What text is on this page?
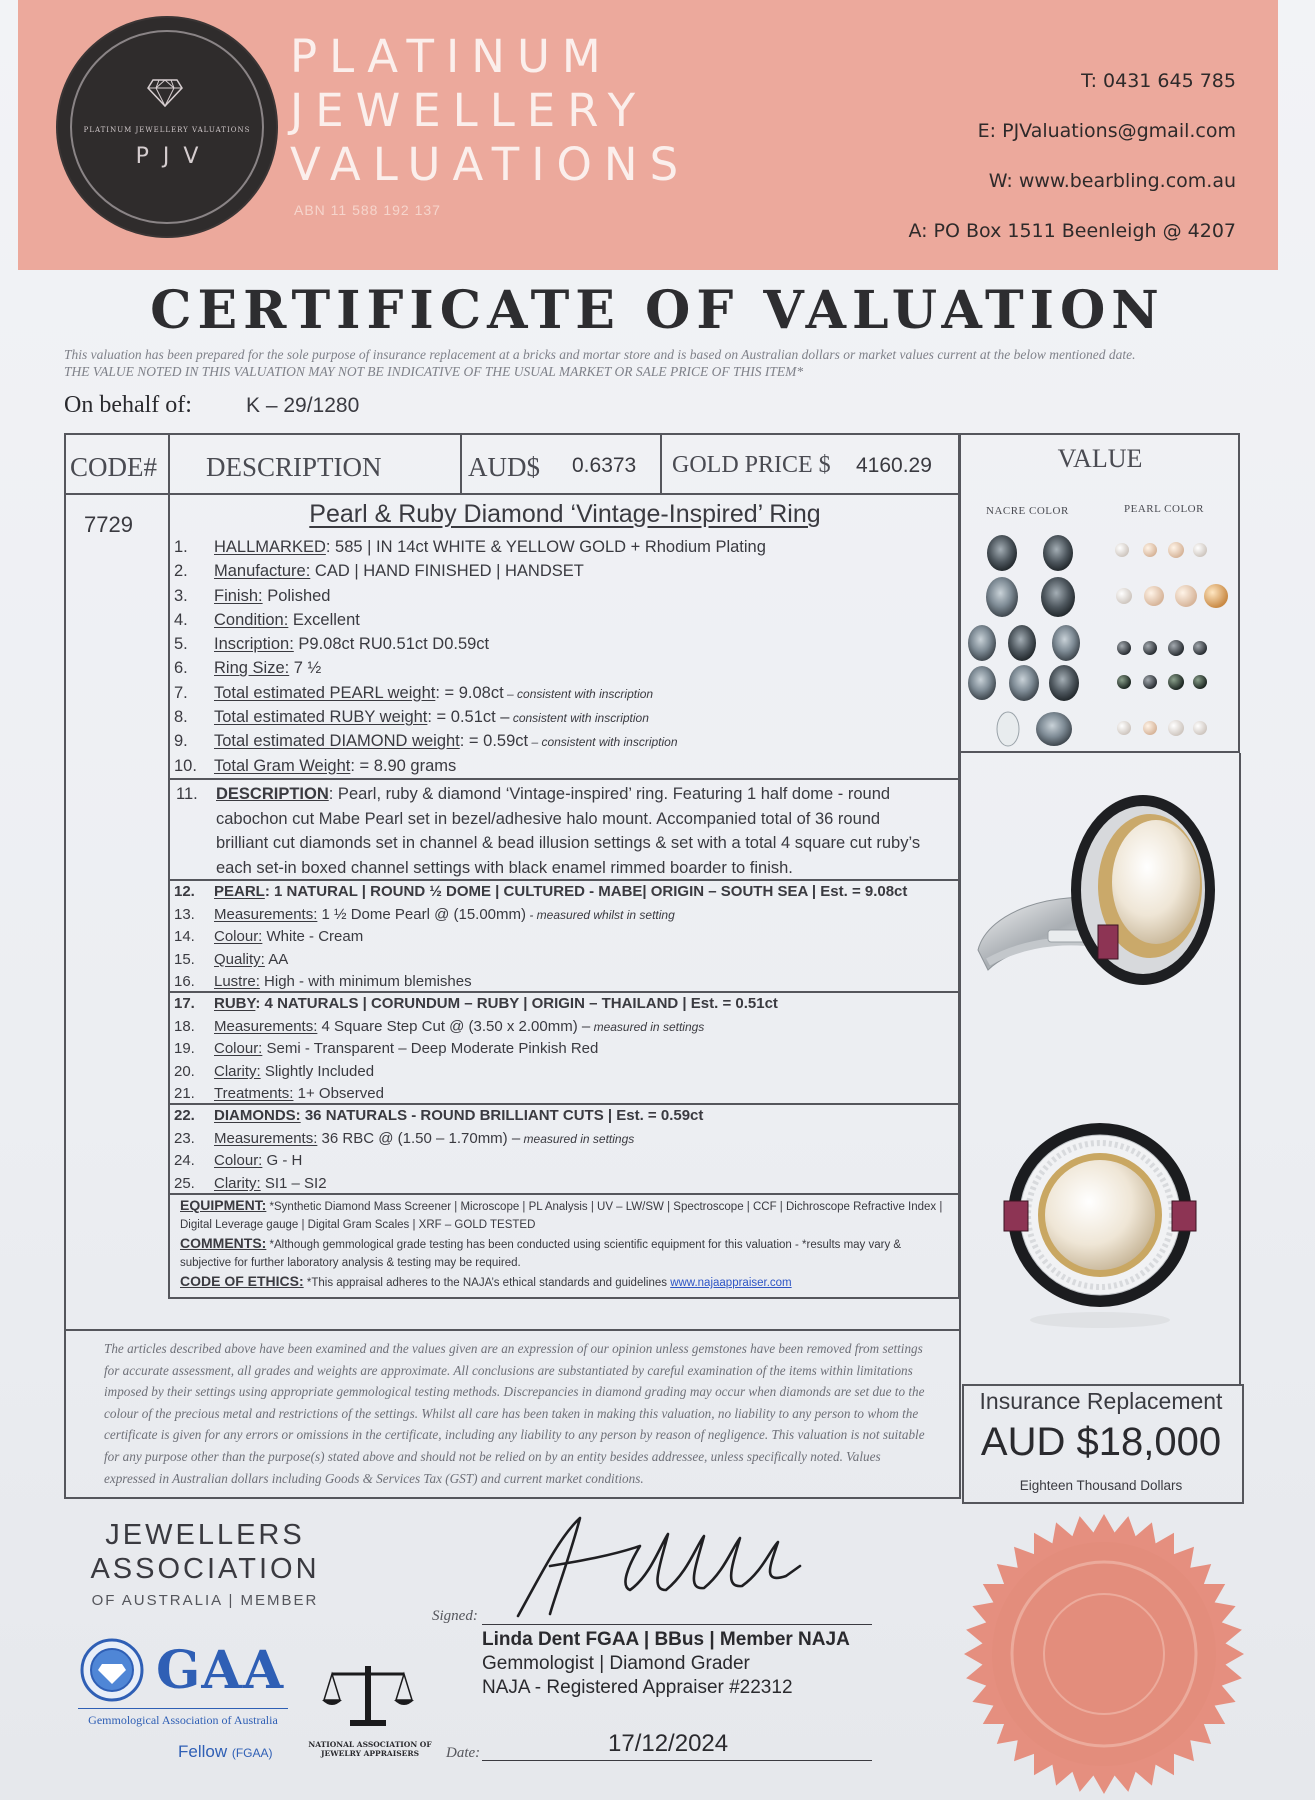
PLATINUM JEWELLERY VALUATIONS
PJV
PLATINUM
JEWELLERY
VALUATIONS
ABN 11 588 192 137
T: 0431 645 785
E: PJValuations@gmail.com
W: www.bearbling.com.au
A: PO Box 1511 Beenleigh @ 4207
CERTIFICATE OF VALUATION
This valuation has been prepared for the sole purpose of insurance replacement at a bricks and mortar store and is based on Australian dollars or market values current at the below mentioned date.
THE VALUE NOTED IN THIS VALUATION MAY NOT BE INDICATIVE OF THE USUAL MARKET OR SALE PRICE OF THIS ITEM*
On behalf of:	K – 29/1280
CODE# DESCRIPTION	AUD$ 0.6373 GOLD PRICE $ 4160.29	VALUE
7729	Pearl & Ruby Diamond ‘Vintage-Inspired’ Ring
1. HALLMARKED: 585 | IN 14ct WHITE & YELLOW GOLD + Rhodium Plating
2. Manufacture: CAD | HAND FINISHED | HANDSET
3. Finish: Polished
4. Condition: Excellent
5. Inscription: P9.08ct RU0.51ct D0.59ct
6. Ring Size: 7 ½
7. Total estimated PEARL weight: = 9.08ct – consistent with inscription
8. Total estimated RUBY weight: = 0.51ct – consistent with inscription
9. Total estimated DIAMOND weight: = 0.59ct – consistent with inscription
10. Total Gram Weight: = 8.90 grams
11.	DESCRIPTION: Pearl, ruby & diamond ‘Vintage-inspired’ ring. Featuring 1 half dome - round cabochon cut Mabe Pearl set in bezel/adhesive halo mount. Accompanied total of 36 round brilliant cut diamonds set in channel & bead illusion settings & set with a total 4 square cut ruby’s each set-in boxed channel settings with black enamel rimmed boarder to finish.
12. PEARL: 1 NATURAL | ROUND ½ DOME | CULTURED - MABE| ORIGIN – SOUTH SEA | Est. = 9.08ct
13. Measurements: 1 ½ Dome Pearl @ (15.00mm) - measured whilst in setting
14. Colour: White - Cream
15. Quality: AA
16. Lustre: High - with minimum blemishes
17. RUBY: 4 NATURALS | CORUNDUM – RUBY | ORIGIN – THAILAND | Est. = 0.51ct
18. Measurements: 4 Square Step Cut @ (3.50 x 2.00mm) – measured in settings
19. Colour: Semi - Transparent – Deep Moderate Pinkish Red
20. Clarity: Slightly Included
21. Treatments: 1+ Observed
22. DIAMONDS: 36 NATURALS - ROUND BRILLIANT CUTS | Est. = 0.59ct
23. Measurements: 36 RBC @ (1.50 – 1.70mm) – measured in settings
24. Colour: G - H
25. Clarity: SI1 – SI2
EQUIPMENT: *Synthetic Diamond Mass Screener | Microscope | PL Analysis | UV – LW/SW | Spectroscope | CCF | Dichroscope Refractive Index | Digital Leverage gauge | Digital Gram Scales | XRF – GOLD TESTED
COMMENTS: *Although gemmological grade testing has been conducted using scientific equipment for this valuation - *results may vary & subjective for further laboratory analysis & testing may be required.
CODE OF ETHICS: *This appraisal adheres to the NAJA’s ethical standards and guidelines www.najaappraiser.com
The articles described above have been examined and the values given are an expression of our opinion unless gemstones have been removed from settings for accurate assessment, all grades and weights are approximate. All conclusions are substantiated by careful examination of the items within limitations imposed by their settings using appropriate gemmological testing methods. Discrepancies in diamond grading may occur when diamonds are set due to the colour of the precious metal and restrictions of the settings. Whilst all care has been taken in making this valuation, no liability to any person to whom the certificate is given for any errors or omissions in the certificate, including any liability to any person by reason of negligence. This valuation is not suitable for any purpose other than the purpose(s) stated above and should not be relied on by an entity besides addressee, unless specifically noted. Values expressed in Australian dollars including Goods & Services Tax (GST) and current market conditions.
NACRE COLOR	PEARL COLOR
Insurance Replacement
AUD $18,000
Eighteen Thousand Dollars
JEWELLERS
ASSOCIATION
OF AUSTRALIA | MEMBER
GAA
Gemmological Association of Australia
Fellow (FGAA)
NATIONAL ASSOCIATION OF JEWELRY APPRAISERS
Signed:
Linda Dent FGAA | BBus | Member NAJA
Gemmologist | Diamond Grader
NAJA - Registered Appraiser #22312
Date:	17/12/2024
